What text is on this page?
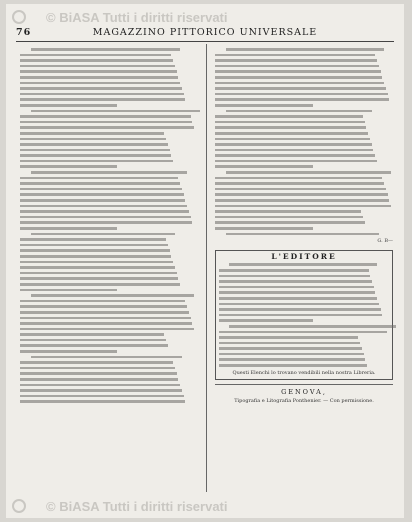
© BiASA Tutti i diritti riservati
76	MAGAZZINO PITTORICO UNIVERSALE
G. B—
L'EDITORE
Questi Elenchi lo trovano vendibili nella nostra Libreria.
GENOVA,
Tipografia e Litografia Ponthenier. — Con permissione.
© BiASA Tutti i diritti riservati
